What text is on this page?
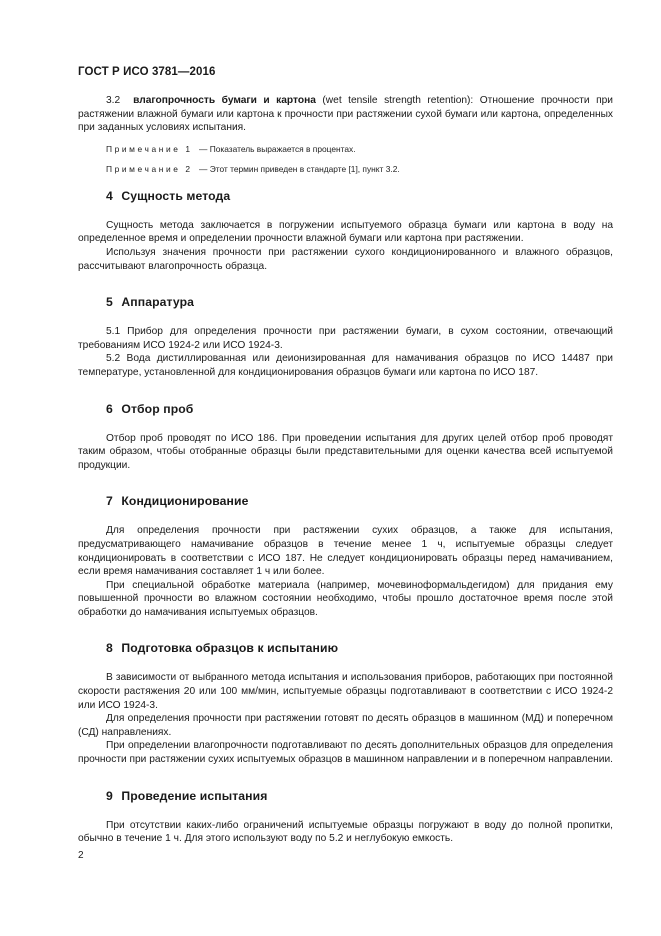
ГОСТ Р ИСО 3781—2016

3.2 влагопрочность бумаги и картона (wet tensile strength retention): Отношение прочности при растяжении влажной бумаги или картона к прочности при растяжении сухой бумаги или картона, определенных при заданных условиях испытания.

Примечание 1 — Показатель выражается в процентах.
Примечание 2 — Этот термин приведен в стандарте [1], пункт 3.2.
4 Сущность метода

Сущность метода заключается в погружении испытуемого образца бумаги или картона в воду на определенное время и определении прочности влажной бумаги или картона при растяжении.

Используя значения прочности при растяжении сухого кондиционированного и влажного образцов, рассчитывают влагопрочность образца.

5 Аппаратура

5.1 Прибор для определения прочности при растяжении бумаги, в сухом состоянии, отвечающий требованиям ИСО 1924-2 или ИСО 1924-3.

5.2 Вода дистиллированная или деионизированная для намачивания образцов по ИСО 14487 при температуре, установленной для кондиционирования образцов бумаги или картона по ИСО 187.

6 Отбор проб

Отбор проб проводят по ИСО 186. При проведении испытания для других целей отбор проб проводят таким образом, чтобы отобранные образцы были представительными для оценки качества всей испытуемой продукции.

7 Кондиционирование

Для определения прочности при растяжении сухих образцов, а также для испытания, предусматривающего намачивание образцов в течение менее 1 ч, испытуемые образцы следует кондиционировать в соответствии с ИСО 187. Не следует кондиционировать образцы перед намачиванием, если время намачивания составляет 1 ч или более.

При специальной обработке материала (например, мочевиноформальдегидом) для придания ему повышенной прочности во влажном состоянии необходимо, чтобы прошло достаточное время после этой обработки до намачивания испытуемых образцов.

8 Подготовка образцов к испытанию

В зависимости от выбранного метода испытания и использования приборов, работающих при постоянной скорости растяжения 20 или 100 мм/мин, испытуемые образцы подготавливают в соответствии с ИСО 1924-2 или ИСО 1924-3.

Для определения прочности при растяжении готовят по десять образцов в машинном (МД) и поперечном (СД) направлениях.

При определении влагопрочности подготавливают по десять дополнительных образцов для определения прочности при растяжении сухих испытуемых образцов в машинном направлении и в поперечном направлении.

9 Проведение испытания

При отсутствии каких-либо ограничений испытуемые образцы погружают в воду до полной пропитки, обычно в течение 1 ч. Для этого используют воду по 5.2 и неглубокую емкость.

2
